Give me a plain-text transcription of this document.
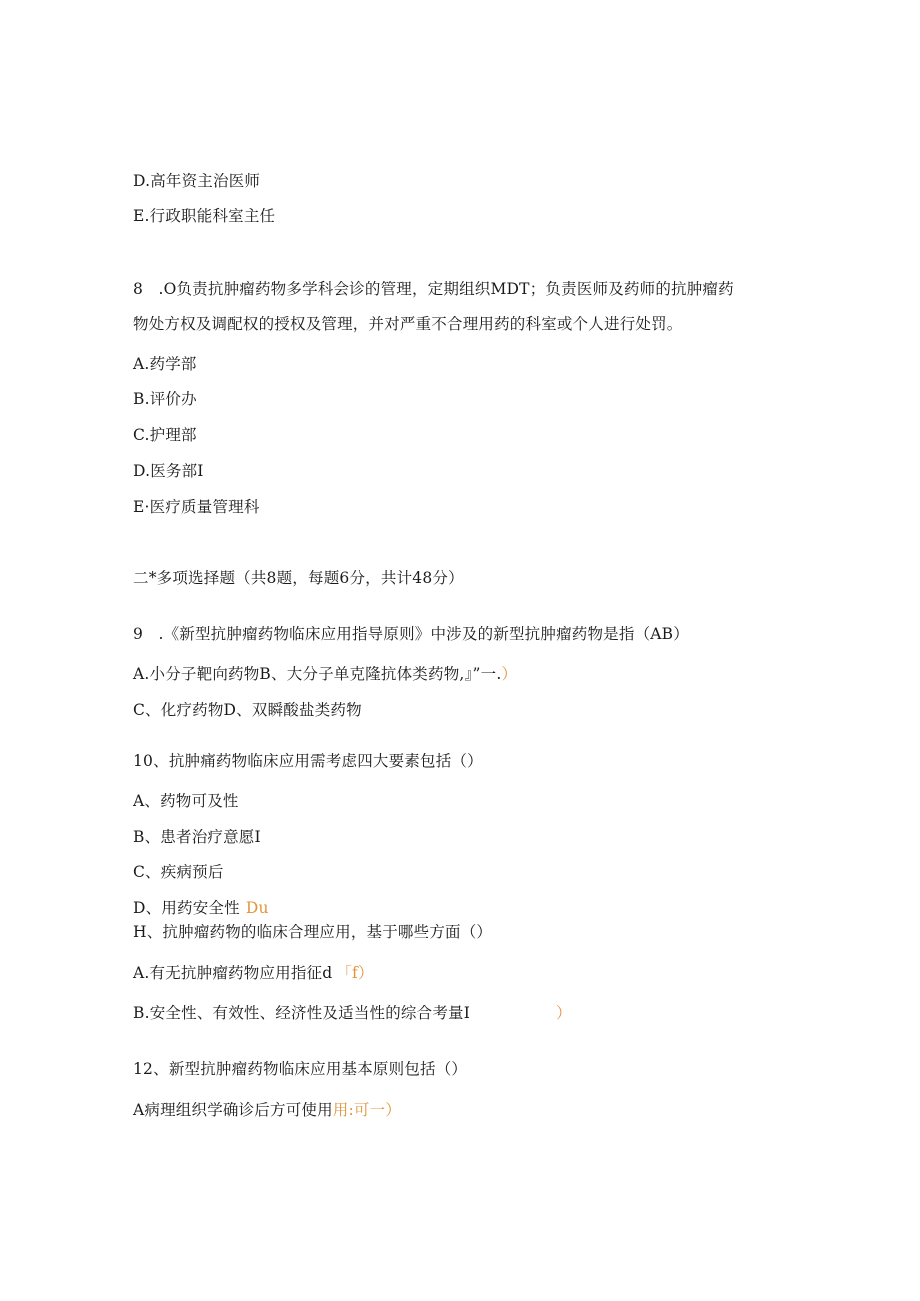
D.高年资主治医师
E.行政职能科室主任
8   .O负责抗肿瘤药物多学科会诊的管理，定期组织MDT；负责医师及药师的抗肿瘤药
物处方权及调配权的授权及管理，并对严重不合理用药的科室或个人进行处罚。
A.药学部
B.评价办
C.护理部
D.医务部I
E·医疗质量管理科
二*多项选择题（共8题，每题6分，共计48分）
9   .《新型抗肿瘤药物临床应用指导原则》中涉及的新型抗肿瘤药物是指（AB）
A.小分子靶向药物B、大分子单克隆抗体类药物,』”一.）
C、化疗药物D、双瞬酸盐类药物
10、抗肿痛药物临床应用需考虑四大要素包括（）
A、药物可及性
B、患者治疗意愿I
C、疾病预后
D、用药安全性 Du
H、抗肿瘤药物的临床合理应用，基于哪些方面（）
A.有无抗肿瘤药物应用指征d 「f）
B.安全性、有效性、经济性及适当性的综合考量I	）
12、新型抗肿瘤药物临床应用基本原则包括（）
A病理组织学确诊后方可使用用:可一）
